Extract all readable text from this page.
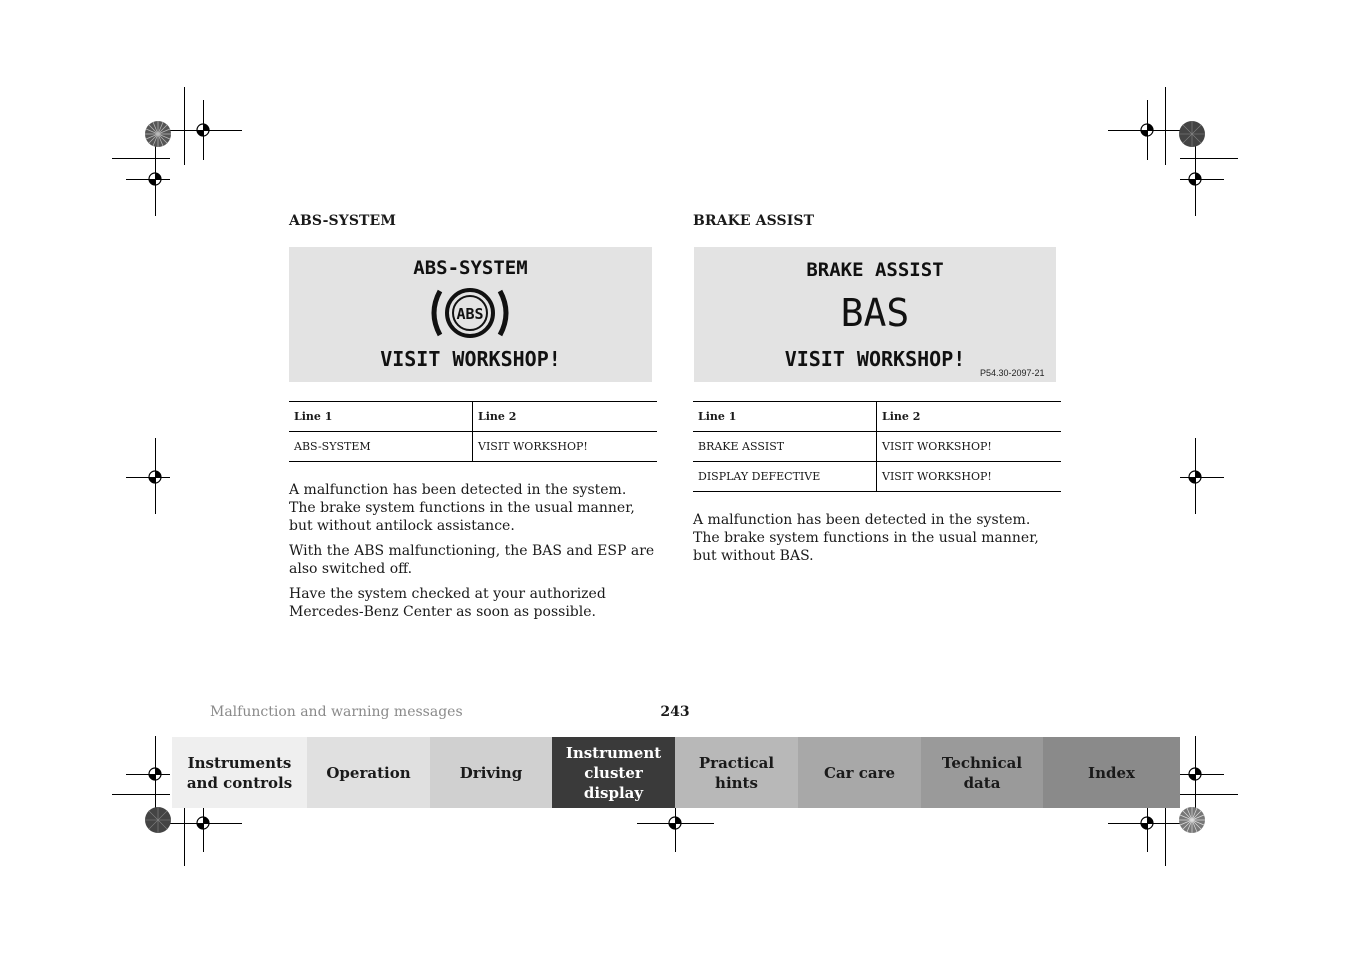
ABS-SYSTEM
ABS-SYSTEM
ABS
VISIT WORKSHOP!
Line 1	Line 2
ABS-SYSTEM	VISIT WORKSHOP!

A malfunction has been detected in the system. The brake system functions in the usual manner, but without antilock assistance.

With the ABS malfunctioning, the BAS and ESP are also switched off.

Have the system checked at your authorized Mercedes-Benz Center as soon as possible.

BRAKE ASSIST
BRAKE ASSIST
BAS
VISIT WORKSHOP!
P54.30-2097-21
Line 1	Line 2
BRAKE ASSIST	VISIT WORKSHOP!
DISPLAY DEFECTIVE	VISIT WORKSHOP!

A malfunction has been detected in the system. The brake system functions in the usual manner, but without BAS.

Malfunction and warning messages	243
Instruments
and controls
Operation	Driving
Instrument
cluster display
Practical hints
Car care
Technical
data
Index
